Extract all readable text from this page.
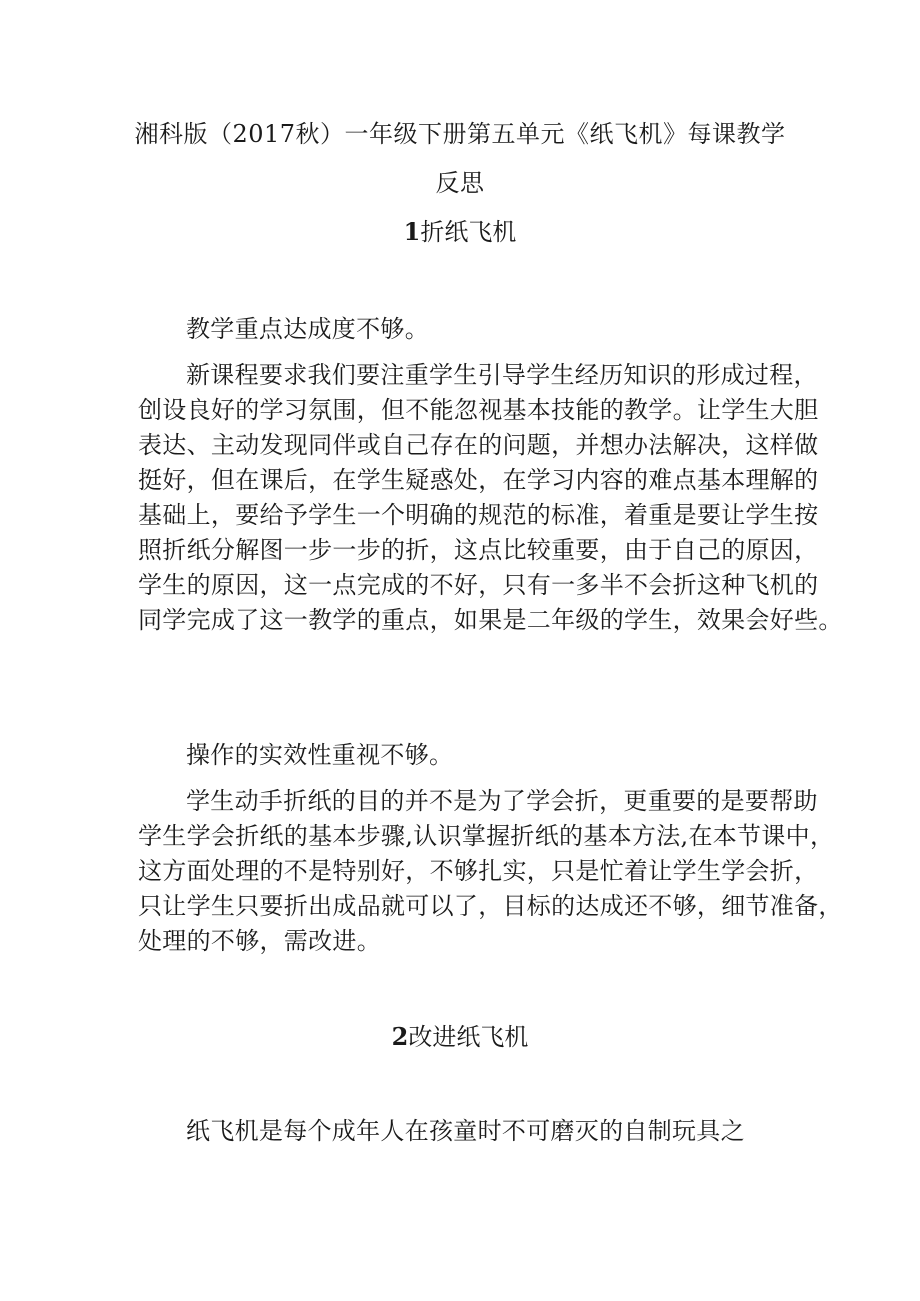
湘科版（2017秋）一年级下册第五单元《纸飞机》每课教学
反思
1折纸飞机
教学重点达成度不够。
新课程要求我们要注重学生引导学生经历知识的形成过程，
创设良好的学习氛围，但不能忽视基本技能的教学。让学生大胆
表达、主动发现同伴或自己存在的问题，并想办法解决，这样做
挺好，但在课后，在学生疑惑处，在学习内容的难点基本理解的
基础上，要给予学生一个明确的规范的标准，着重是要让学生按
照折纸分解图一步一步的折，这点比较重要，由于自己的原因，
学生的原因，这一点完成的不好，只有一多半不会折这种飞机的
同学完成了这一教学的重点，如果是二年级的学生，效果会好些。
操作的实效性重视不够。
学生动手折纸的目的并不是为了学会折，更重要的是要帮助
学生学会折纸的基本步骤,认识掌握折纸的基本方法,在本节课中，
这方面处理的不是特别好，不够扎实，只是忙着让学生学会折，
只让学生只要折出成品就可以了，目标的达成还不够，细节准备，
处理的不够，需改进。
2改进纸飞机
纸飞机是每个成年人在孩童时不可磨灭的自制玩具之
